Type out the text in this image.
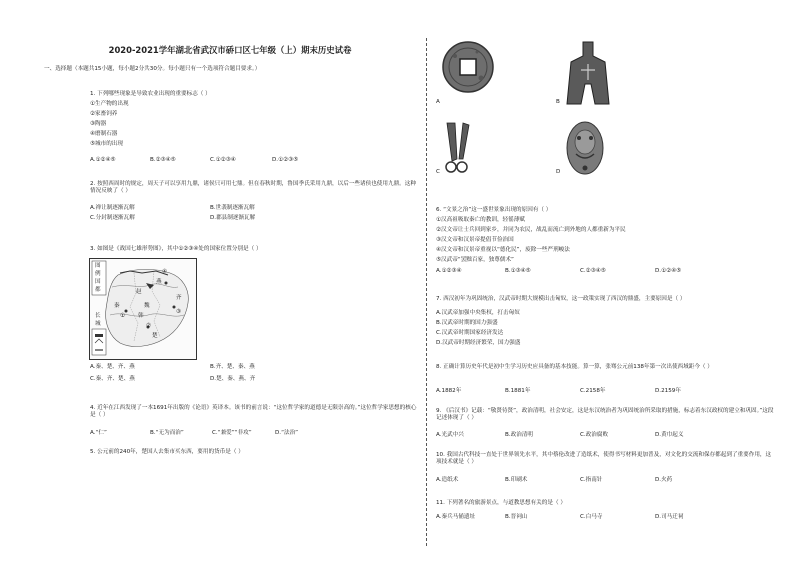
2020-2021学年湖北省武汉市硚口区七年级（上）期末历史试卷
一、选择题（本题共15小题，每小题2分共30分。每小题只有一个选项符合题目要求。）
1. 下列哪些现象是导致农业出现的重要标志（ ）
①生产物的出现
②家畜饲养
③陶器
④磨制石器
⑤城市的出现
A.①②④⑤	B.②③④⑤	C.①②③④	D.①②③⑤
2. 按照西周时的规定，周天子可以享用九鼎，诸侯只可用七鼎。但在春秋时期，鲁国季氏采用九鼎，以后一些诸侯也使用九鼎。这种情况反映了（ ）
A.禅让制逐渐瓦解	B.世袭制逐渐瓦解
C.分封制逐渐瓦解	D.郡县制逐渐瓦解
3. 如图是《战国七雄形势图》，其中①②③④处的国家位置分别是（ ）
图
例
国
都
长
城
燕
赵
魏
韩
楚
秦
齐
①
②
③
④
A.秦、楚、齐、燕	B.齐、楚、秦、燕
C.秦、齐、楚、燕	D.楚、秦、燕、齐
4. 近年在江西发现了一本1691年出版的《论语》英译本。该书的前言说：“这位哲学家的道德是无限崇高的。”这位哲学家思想的核心是（ ）
A.“仁”	B.“无为而治”	C.“兼爱”“非攻”	D.“法治”
5. 公元前的240年，楚国人去集市买东西，要用的货币是（ ）
A	B
C	D
6. “文景之治”这一盛世景象出现的原因有（ ）
①汉高祖吸取秦亡的教训，轻徭薄赋
②汉文帝让士兵回到家乡，并同为农民，战乱而流亡到外地的人都重新为平民
③汉文帝和汉景帝提倡节俭治国
④汉文帝和汉景帝重视以“德化民”，废除一些严刑峻法
⑤汉武帝“罢黜百家，独尊儒术”
A.①②③④	B.①③④⑤	C.②③④⑤	D.①②④⑤
7. 西汉初年为巩固统治，汉武帝时期大规模出击匈奴，这一政策实现了西汉的鼎盛，主要原因是（ ）
A.汉武帝加强中央集权，打击匈奴
B.汉武帝时期的国力强盛
C.汉武帝时期国家经济发达
D.汉武帝时期经济繁荣，国力强盛
8. 正确计算历史年代是初中生学习历史应具备的基本技能。算一算，张骞公元前138年第一次出使西域距今（ ）
A.1882年	B.1881年	C.2158年	D.2159年
9. 《后汉书》记载：“敬贤待贤”，政治清明，社会安定，这是东汉统治者为巩固统治所采取的措施，标志着东汉政权的建立和巩固。”这段记述体现了（ ）
A.光武中兴	B.政治清明	C.政治腐败	D.黄巾起义
10. 我国古代科技一直处于世界领先水平，其中蔡伦改进了造纸术，使得书写材料更加普及，对文化的交流和保存都起到了重要作用，这项技术就是（ ）
A.造纸术	B.印刷术	C.指南针	D.火药
11. 下列著名的旅游景点，与道教思想有关的是（ ）
A.秦兵马俑遗址	B.晋祠山	C.白马寺	D.司马迁祠
